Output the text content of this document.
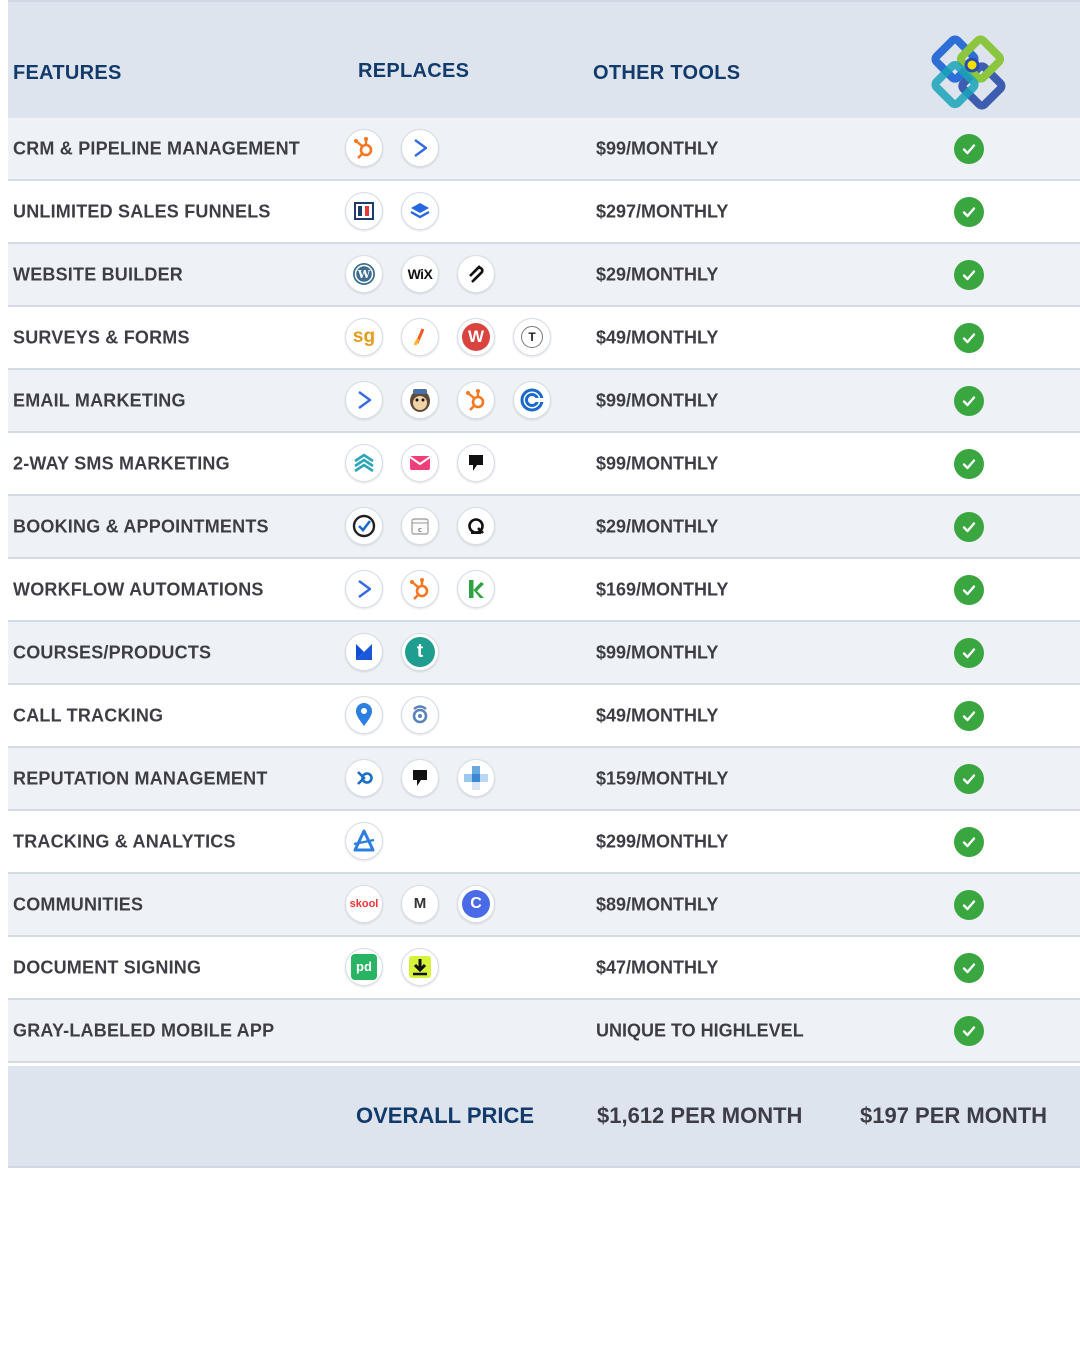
FEATURES	REPLACES	OTHER TOOLS
CRM & PIPELINE MANAGEMENT	$99/MONTHLY
UNLIMITED SALES FUNNELS	$297/MONTHLY
WEBSITE BUILDER	W	WiX	$29/MONTHLY
SURVEYS & FORMS	sg	W	T	$49/MONTHLY
EMAIL MARKETING	$99/MONTHLY
2-WAY SMS MARKETING	$99/MONTHLY
BOOKING & APPOINTMENTS	c	$29/MONTHLY
WORKFLOW AUTOMATIONS	$169/MONTHLY
COURSES/PRODUCTS	t	$99/MONTHLY
CALL TRACKING	$49/MONTHLY
REPUTATION MANAGEMENT	$159/MONTHLY
TRACKING & ANALYTICS	$299/MONTHLY
COMMUNITIES	skool M	C	$89/MONTHLY
DOCUMENT SIGNING	pd	$47/MONTHLY
GRAY-LABELED MOBILE APP	UNIQUE TO HIGHLEVEL
OVERALL PRICE	$1,612 PER MONTH	$197 PER MONTH
